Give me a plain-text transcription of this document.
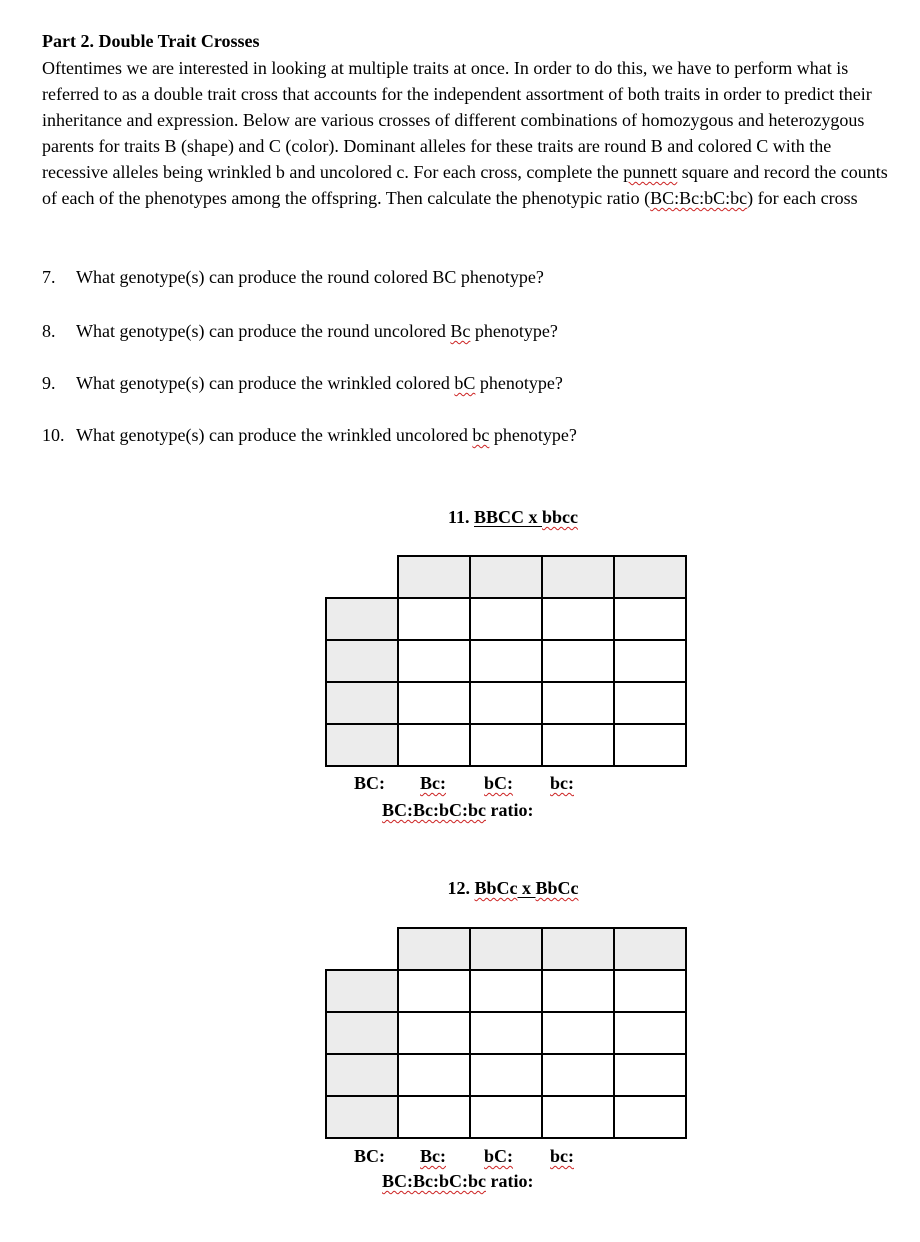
Part 2. Double Trait Crosses
Oftentimes we are interested in looking at multiple traits at once. In order to do this, we have to perform what is referred to as a double trait cross that accounts for the independent assortment of both traits in order to predict their inheritance and expression. Below are various crosses of different combinations of homozygous and heterozygous parents for traits B (shape) and C (color). Dominant alleles for these traits are round B and colored C with the recessive alleles being wrinkled b and uncolored c. For each cross, complete the punnett square and record the counts of each of the phenotypes among the offspring. Then calculate the phenotypic ratio (BC:Bc:bC:bc) for each cross
7. What genotype(s) can produce the round colored BC phenotype?
8. What genotype(s) can produce the round uncolored Bc phenotype?
9. What genotype(s) can produce the wrinkled colored bC phenotype?
10. What genotype(s) can produce the wrinkled uncolored bc phenotype?
11. BBCC x bbcc
BC: Bc: bC: bc:
BC:Bc:bC:bc ratio:
12. BbCc x BbCc
BC: Bc: bC: bc:
BC:Bc:bC:bc ratio:
